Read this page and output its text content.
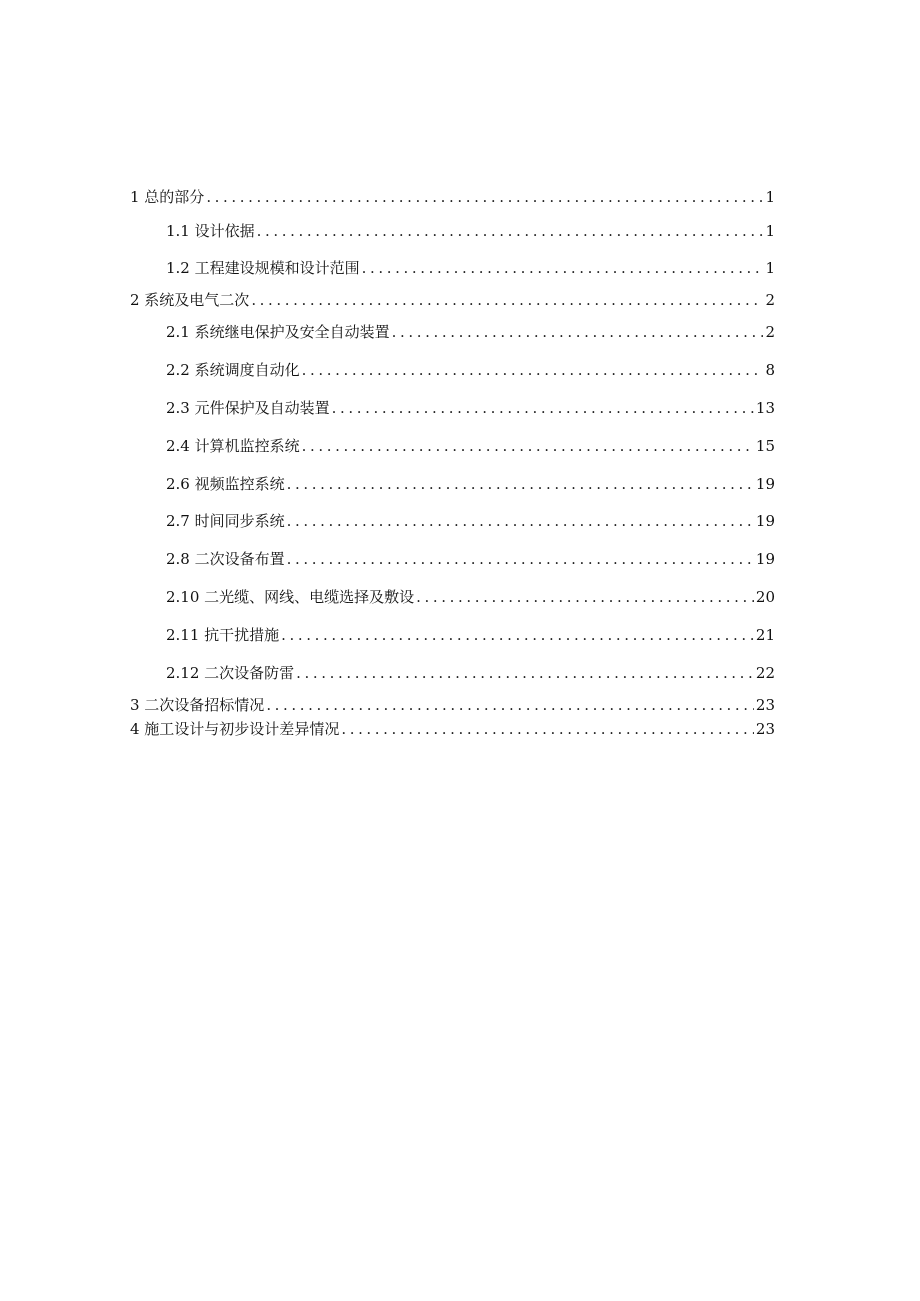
1 总的部分 .....	1
1.1 设计依据 .....	1
1.2 工程建设规模和设计范围 .....	1
2 系统及电气二次 .....	2
2.1 系统继电保护及安全自动装置 .....	2
2.2 系统调度自动化 .....	8
2.3 元件保护及自动装置 .....	13
2.4 计算机监控系统 .....	15
2.6 视频监控系统 .....	19
2.7 时间同步系统 .....	19
2.8 二次设备布置 .....	19
2.10 二光缆、网线、电缆选择及敷设 .....	20
2.11 抗干扰措施 .....	21
2.12 二次设备防雷 .....	22
3 二次设备招标情况 .....	23
4 施工设计与初步设计差异情况 .....	23
